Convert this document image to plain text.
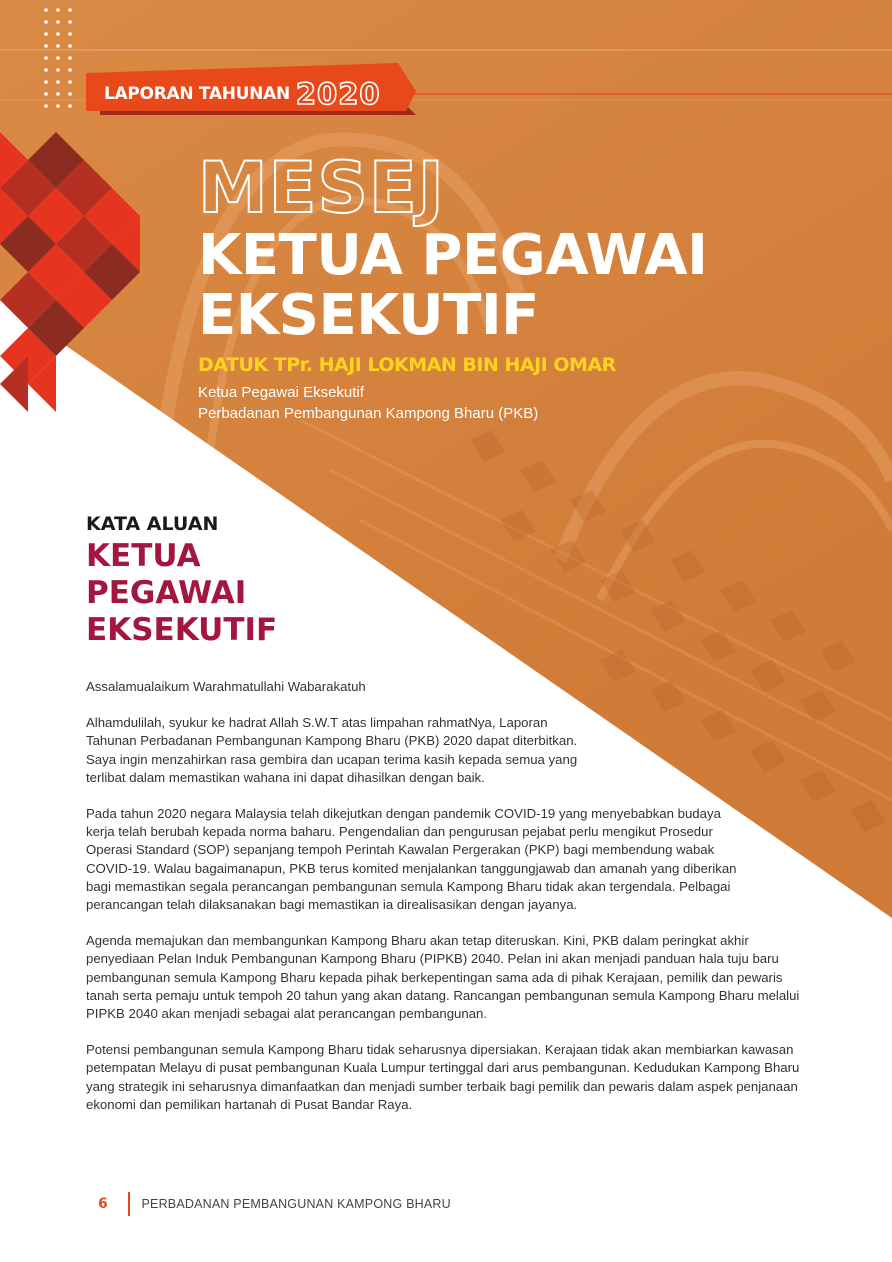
LAPORAN TAHUNAN 2020
MESEJ
KETUA PEGAWAI
EKSEKUTIF
DATUK TPr. HAJI LOKMAN BIN HAJI OMAR
Ketua Pegawai Eksekutif
Perbadanan Pembangunan Kampong Bharu (PKB)
KATA ALUAN
KETUA
PEGAWAI
EKSEKUTIF

Assalamualaikum Warahmatullahi Wabarakatuh

Alhamdulilah, syukur ke hadrat Allah S.W.T atas limpahan rahmatNya, Laporan Tahunan Perbadanan Pembangunan Kampong Bharu (PKB) 2020 dapat diterbitkan. Saya ingin menzahirkan rasa gembira dan ucapan terima kasih kepada semua yang terlibat dalam memastikan wahana ini dapat dihasilkan dengan baik.

Pada tahun 2020 negara Malaysia telah dikejutkan dengan pandemik COVID-19 yang menyebabkan budaya kerja telah berubah kepada norma baharu. Pengendalian dan pengurusan pejabat perlu mengikut Prosedur Operasi Standard (SOP) sepanjang tempoh Perintah Kawalan Pergerakan (PKP) bagi membendung wabak COVID-19. Walau bagaimanapun, PKB terus komited menjalankan tanggungjawab dan amanah yang diberikan bagi memastikan segala perancangan pembangunan semula Kampong Bharu tidak akan tergendala. Pelbagai perancangan telah dilaksanakan bagi memastikan ia direalisasikan dengan jayanya.

Agenda memajukan dan membangunkan Kampong Bharu akan tetap diteruskan. Kini, PKB dalam peringkat akhir penyediaan Pelan Induk Pembangunan Kampong Bharu (PIPKB) 2040. Pelan ini akan menjadi panduan hala tuju baru pembangunan semula Kampong Bharu kepada pihak berkepentingan sama ada di pihak Kerajaan, pemilik dan pewaris tanah serta pemaju untuk tempoh 20 tahun yang akan datang. Rancangan pembangunan semula Kampong Bharu melalui PIPKB 2040 akan menjadi sebagai alat perancangan pembangunan.

Potensi pembangunan semula Kampong Bharu tidak seharusnya dipersiakan. Kerajaan tidak akan membiarkan kawasan petempatan Melayu di pusat pembangunan Kuala Lumpur tertinggal dari arus pembangunan. Kedudukan Kampong Bharu yang strategik ini seharusnya dimanfaatkan dan menjadi sumber terbaik bagi pemilik dan pewaris dalam aspek penjanaan ekonomi dan pemilikan hartanah di Pusat Bandar Raya.

6	PERBADANAN PEMBANGUNAN KAMPONG BHARU
